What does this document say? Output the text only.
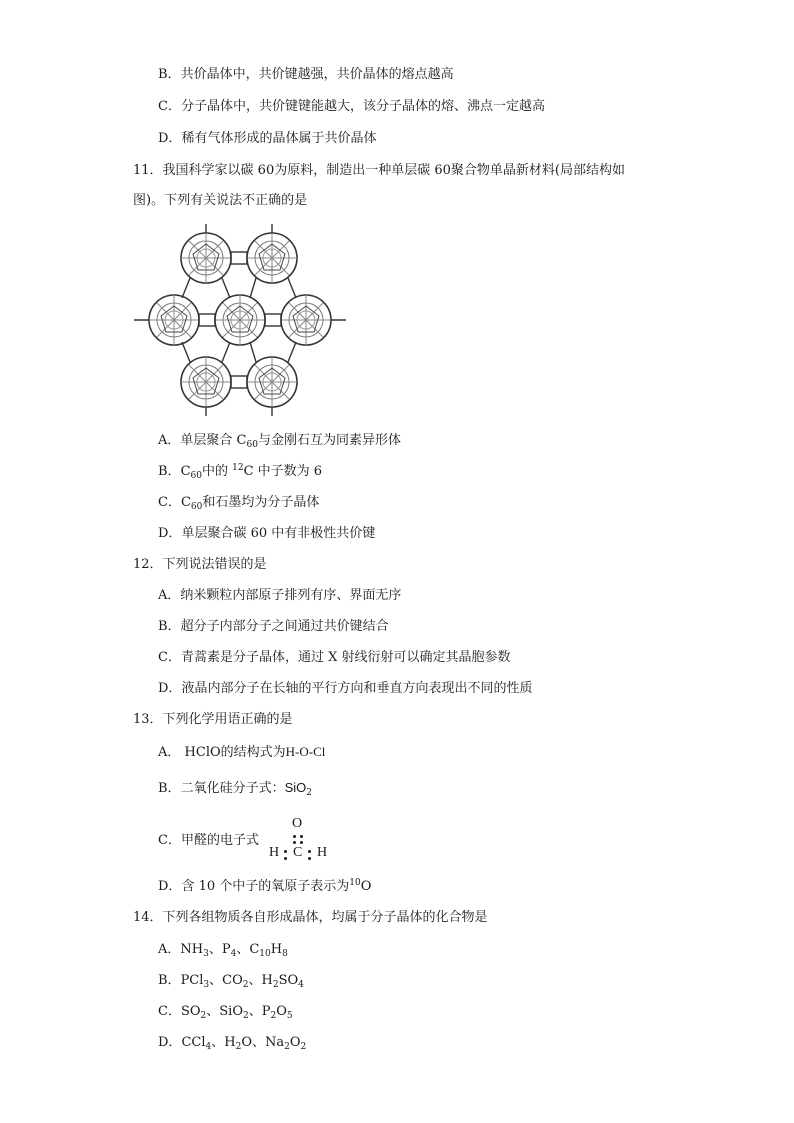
B．共价晶体中，共价键越强，共价晶体的熔点越高
C．分子晶体中，共价键键能越大，该分子晶体的熔、沸点一定越高
D．稀有气体形成的晶体属于共价晶体
11．我国科学家以碳 60为原料，制造出一种单层碳 60聚合物单晶新材料(局部结构如
图)。下列有关说法不正确的是
A．单层聚合 $C_{60}$与金刚石互为同素异形体
B．$C_{60}$中的 $^{12}$C 中子数为 6
C．$C_{60}$和石墨均为分子晶体
D．单层聚合碳 60 中有非极性共价键
12．下列说法错误的是
A．纳米颗粒内部原子排列有序、界面无序
B．超分子内部分子之间通过共价键结合
C．青蒿素是分子晶体，通过 X 射线衍射可以确定其晶胞参数
D．液晶内部分子在长轴的平行方向和垂直方向表现出不同的性质
13．下列化学用语正确的是
A． HClO的结构式为H-O-Cl
B．二氧化硅分子式：SiO$_2$
C．甲醛的电子式
O
H C H
D．含 10 个中子的氧原子表示为$^{10}$O
14．下列各组物质各自形成晶体，均属于分子晶体的化合物是
A．$NH_3$、$P_4$、$C_{10}H_8$
B．PCl$_3$、$CO_2$、$H_2SO_4$
C．$SO_2$、SiO$_2$、$P_2O_5$
D．CCl$_4$、$H_2O$、$Na_2O_2$
